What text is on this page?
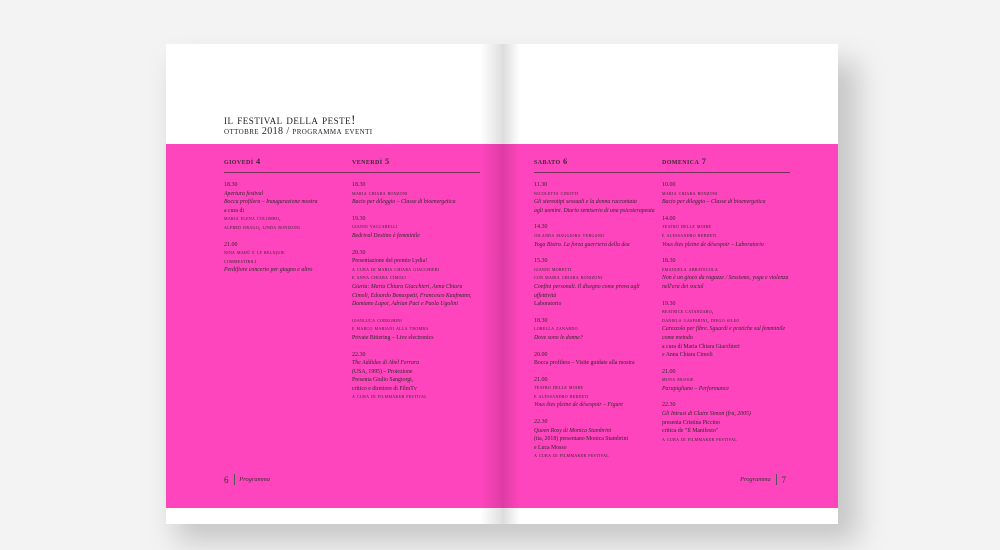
il festival della peste!
ottobre 2018 / programma eventi
giovedì 4
18.30
Apertura festival
Bocca profilera – Inaugurazione mostra
a cura di
maria elena colombo,
alfred drago, linda bonizoni
21.00
nina madù e le reliquie
commestibili
Perdifiore concerto per giugno e altro
venerdì 5
18.30
maria chiara bonzoni
Bacio per dileggio – Classe di bioenergetica
19.30
gianni vaccarelli
Bedrival Destino è femminile
20.30
Presentazione del premio Lydia!
a cura di maria chiara giacchieri
e anna chiara cimoli
Giuria: Maria Chiara Giacchieri, Anna Chiara
Cimoli, Edoardo Bonaspetti, Francesco Kaufmann,
Damiano Lapoi, Adrian Paci e Paola Ugolini
gianluca codeghini
e marco mariani alla tromba
Private Bittering – Live electronics
22.30
The Addidas di Abel Ferrara
(USA, 1995) – Proiezione
Presenta Giulio Sangiorgi,
critico e direttore di FilmTv
a cura di filmmaker festival
6 Programma
sabato 6
11.30
nicoletta cinotti
Gli stereotipi sessuali e la donna raccontata
agli uomini. Diario semiserio di una psicoterapeuta
14.30
jolanda maggiora vergano
Yoga Bistro. La forza guerriera della dea
15.30
gianni moretti
con maria chiara bonizoni
Confini personali. Il disegno come prova agli affettività
Laboratorio
18.30
lorella zanardo
Dove sono le donne?
20.00
Bocca profilera – Visite guidate alla mostra
21.00
teatro delle moire
e alessandro berdeti
Vous êtes pleine de désespoir – Figure
22.30
Queen Rosy di Monica Stambrini
(ita, 2018) presentano Monica Stambrini
e Luca Mosso
a cura di filmmaker festival
domenica 7
10.00
maria chiara bonzoni
Bacio per dileggio – Classe di bioenergetica
14.00
teatro delle moire
e alessandro berdeti
Vous êtes pleine de désespoir – Laboratorio
18.30
emanuela abbatecola
Non è un gioco da ragazze / Sessismo, yoga e violenza
nell'era dei social
19.30
beatrice catanzaro,
daniela gasparini, diego sileo
Carezzolo per fibre. Sguardi e pratiche sul femminile
come metodo
a cura di Maria Chiara Giacchieri
e Anna Chiara Cimoli
21.00
muna mussie
Parapigliano – Performance
22.30
Gli Intrusi di Claire Simon (fra, 2005)
presenta Cristina Piccino
critica de "Il Manifesto"
a cura di filmmaker festival
Programma 7
